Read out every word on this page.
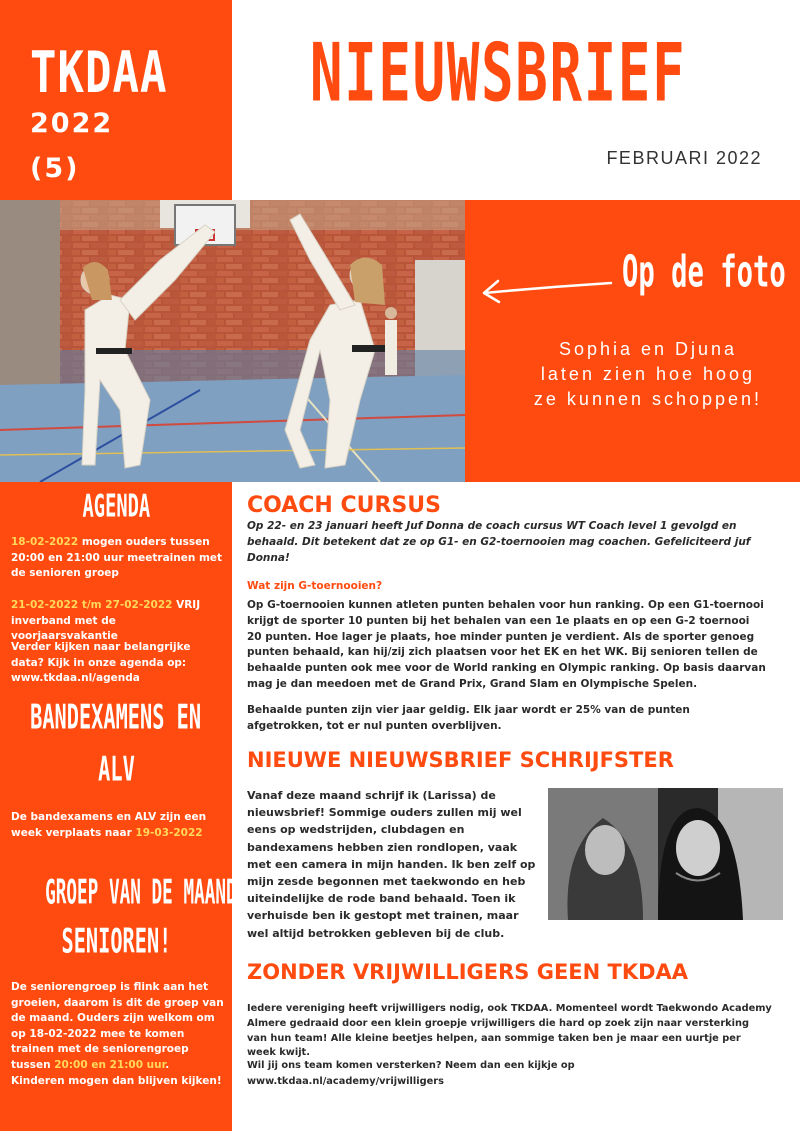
TKDAA
2022
(5)
NIEUWSBRIEF
FEBRUARI 2022
Op de foto
Sophia en Djuna
laten zien hoe hoog
ze kunnen schoppen!
AGENDA
18-02-2022 mogen ouders tussen 20:00 en 21:00 uur meetrainen met de senioren groep
21-02-2022 t/m 27-02-2022 VRIJ inverband met de voorjaarsvakantie
Verder kijken naar belangrijke data? Kijk in onze agenda op: www.tkdaa.nl/agenda
BANDEXAMENS EN
ALV
De bandexamens en ALV zijn een week verplaats naar 19-03-2022
GROEP VAN DE MAAND
SENIOREN!
De seniorengroep is flink aan het groeien, daarom is dit de groep van de maand. Ouders zijn welkom om op 18-02-2022 mee te komen trainen met de seniorengroep tussen 20:00 en 21:00 uur. Kinderen mogen dan blijven kijken!
COACH CURSUS
Op 22- en 23 januari heeft Juf Donna de coach cursus WT Coach level 1 gevolgd en behaald. Dit betekent dat ze op G1- en G2-toernooien mag coachen. Gefeliciteerd juf Donna!
Wat zijn G-toernooien?
Op G-toernooien kunnen atleten punten behalen voor hun ranking. Op een G1-toernooi krijgt de sporter 10 punten bij het behalen van een 1e plaats en op een G-2 toernooi 20 punten. Hoe lager je plaats, hoe minder punten je verdient. Als de sporter genoeg punten behaald, kan hij/zij zich plaatsen voor het EK en het WK. Bij senioren tellen de behaalde punten ook mee voor de World ranking en Olympic ranking. Op basis daarvan mag je dan meedoen met de Grand Prix, Grand Slam en Olympische Spelen.
Behaalde punten zijn vier jaar geldig. Elk jaar wordt er 25% van de punten afgetrokken, tot er nul punten overblijven.
NIEUWE NIEUWSBRIEF SCHRIJFSTER
Vanaf deze maand schrijf ik (Larissa) de nieuwsbrief! Sommige ouders zullen mij wel eens op wedstrijden, clubdagen en bandexamens hebben zien rondlopen, vaak met een camera in mijn handen. Ik ben zelf op mijn zesde begonnen met taekwondo en heb uiteindelijke de rode band behaald. Toen ik verhuisde ben ik gestopt met trainen, maar wel altijd betrokken gebleven bij de club.
ZONDER VRIJWILLIGERS GEEN TKDAA
Iedere vereniging heeft vrijwilligers nodig, ook TKDAA. Momenteel wordt Taekwondo Academy Almere gedraaid door een klein groepje vrijwilligers die hard op zoek zijn naar versterking van hun team! Alle kleine beetjes helpen, aan sommige taken ben je maar een uurtje per week kwijt.
Wil jij ons team komen versterken? Neem dan een kijkje op www.tkdaa.nl/academy/vrijwilligers
